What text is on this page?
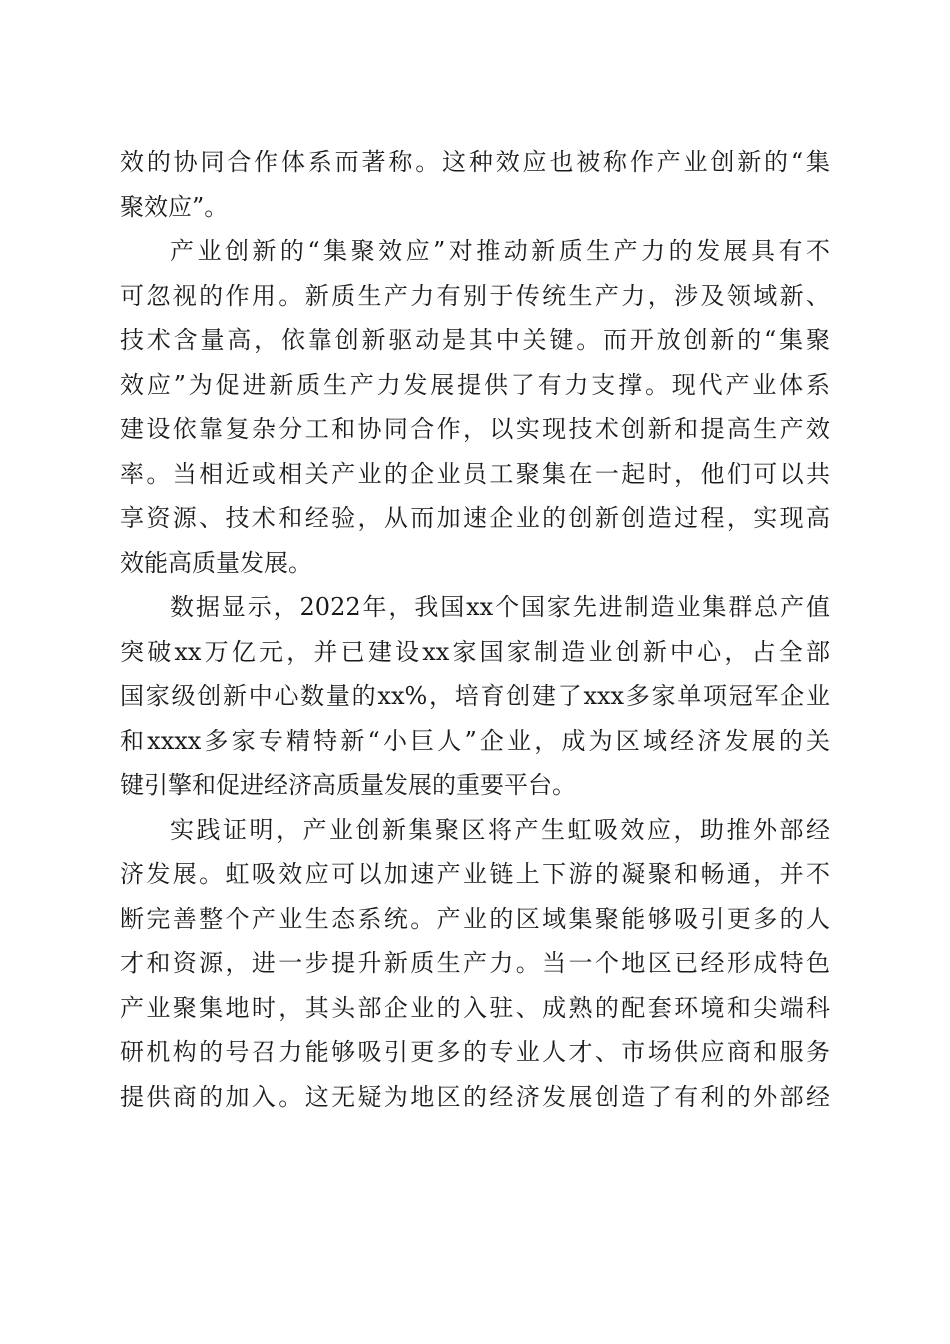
效的协同合作体系而著称。这种效应也被称作产业创新的“集
聚效应”。
产业创新的“集聚效应”对推动新质生产力的发展具有不
可忽视的作用。新质生产力有别于传统生产力，涉及领域新、
技术含量高，依靠创新驱动是其中关键。而开放创新的“集聚
效应”为促进新质生产力发展提供了有力支撑。现代产业体系
建设依靠复杂分工和协同合作，以实现技术创新和提高生产效
率。当相近或相关产业的企业员工聚集在一起时，他们可以共
享资源、技术和经验，从而加速企业的创新创造过程，实现高
效能高质量发展。
数据显示，2022年，我国xx个国家先进制造业集群总产值
突破xx万亿元，并已建设xx家国家制造业创新中心，占全部
国家级创新中心数量的xx%，培育创建了xxx多家单项冠军企业
和xxxx多家专精特新“小巨人”企业，成为区域经济发展的关
键引擎和促进经济高质量发展的重要平台。
实践证明，产业创新集聚区将产生虹吸效应，助推外部经
济发展。虹吸效应可以加速产业链上下游的凝聚和畅通，并不
断完善整个产业生态系统。产业的区域集聚能够吸引更多的人
才和资源，进一步提升新质生产力。当一个地区已经形成特色
产业聚集地时，其头部企业的入驻、成熟的配套环境和尖端科
研机构的号召力能够吸引更多的专业人才、市场供应商和服务
提供商的加入。这无疑为地区的经济发展创造了有利的外部经
